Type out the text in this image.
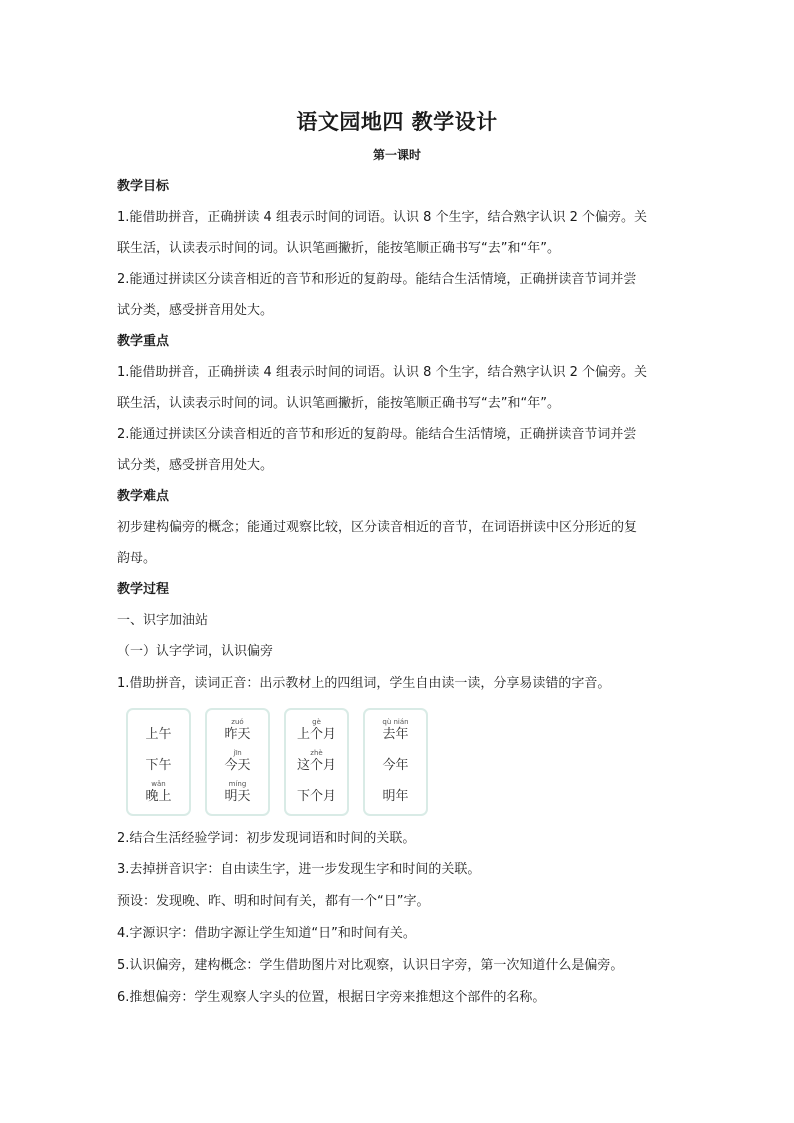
语文园地四 教学设计
第一课时
教学目标
1.能借助拼音，正确拼读 4 组表示时间的词语。认识 8 个生字，结合熟字认识 2 个偏旁。关
联生活，认读表示时间的词。认识笔画撇折，能按笔顺正确书写“去”和“年”。
2.能通过拼读区分读音相近的音节和形近的复韵母。能结合生活情境，正确拼读音节词并尝
试分类，感受拼音用处大。
教学重点
1.能借助拼音，正确拼读 4 组表示时间的词语。认识 8 个生字，结合熟字认识 2 个偏旁。关
联生活，认读表示时间的词。认识笔画撇折，能按笔顺正确书写“去”和“年”。
2.能通过拼读区分读音相近的音节和形近的复韵母。能结合生活情境，正确拼读音节词并尝
试分类，感受拼音用处大。
教学难点
初步建构偏旁的概念；能通过观察比较，区分读音相近的音节，在词语拼读中区分形近的复
韵母。
教学过程
一、识字加油站
（一）认字学词，认识偏旁
1.借助拼音，读词正音：出示教材上的四组词，学生自由读一读，分享易读错的字音。
上午
下午
wǎn
晚上
zuó
昨天
jīn
今天
míng
明天
gè
上个月
zhè
这个月
下个月
qù nián
去年
今年
明年
2.结合生活经验学词：初步发现词语和时间的关联。
3.去掉拼音识字：自由读生字，进一步发现生字和时间的关联。
预设：发现晚、昨、明和时间有关，都有一个“日”字。
4.字源识字：借助字源让学生知道“日”和时间有关。
5.认识偏旁，建构概念：学生借助图片对比观察，认识日字旁，第一次知道什么是偏旁。
6.推想偏旁：学生观察人字头的位置，根据日字旁来推想这个部件的名称。
